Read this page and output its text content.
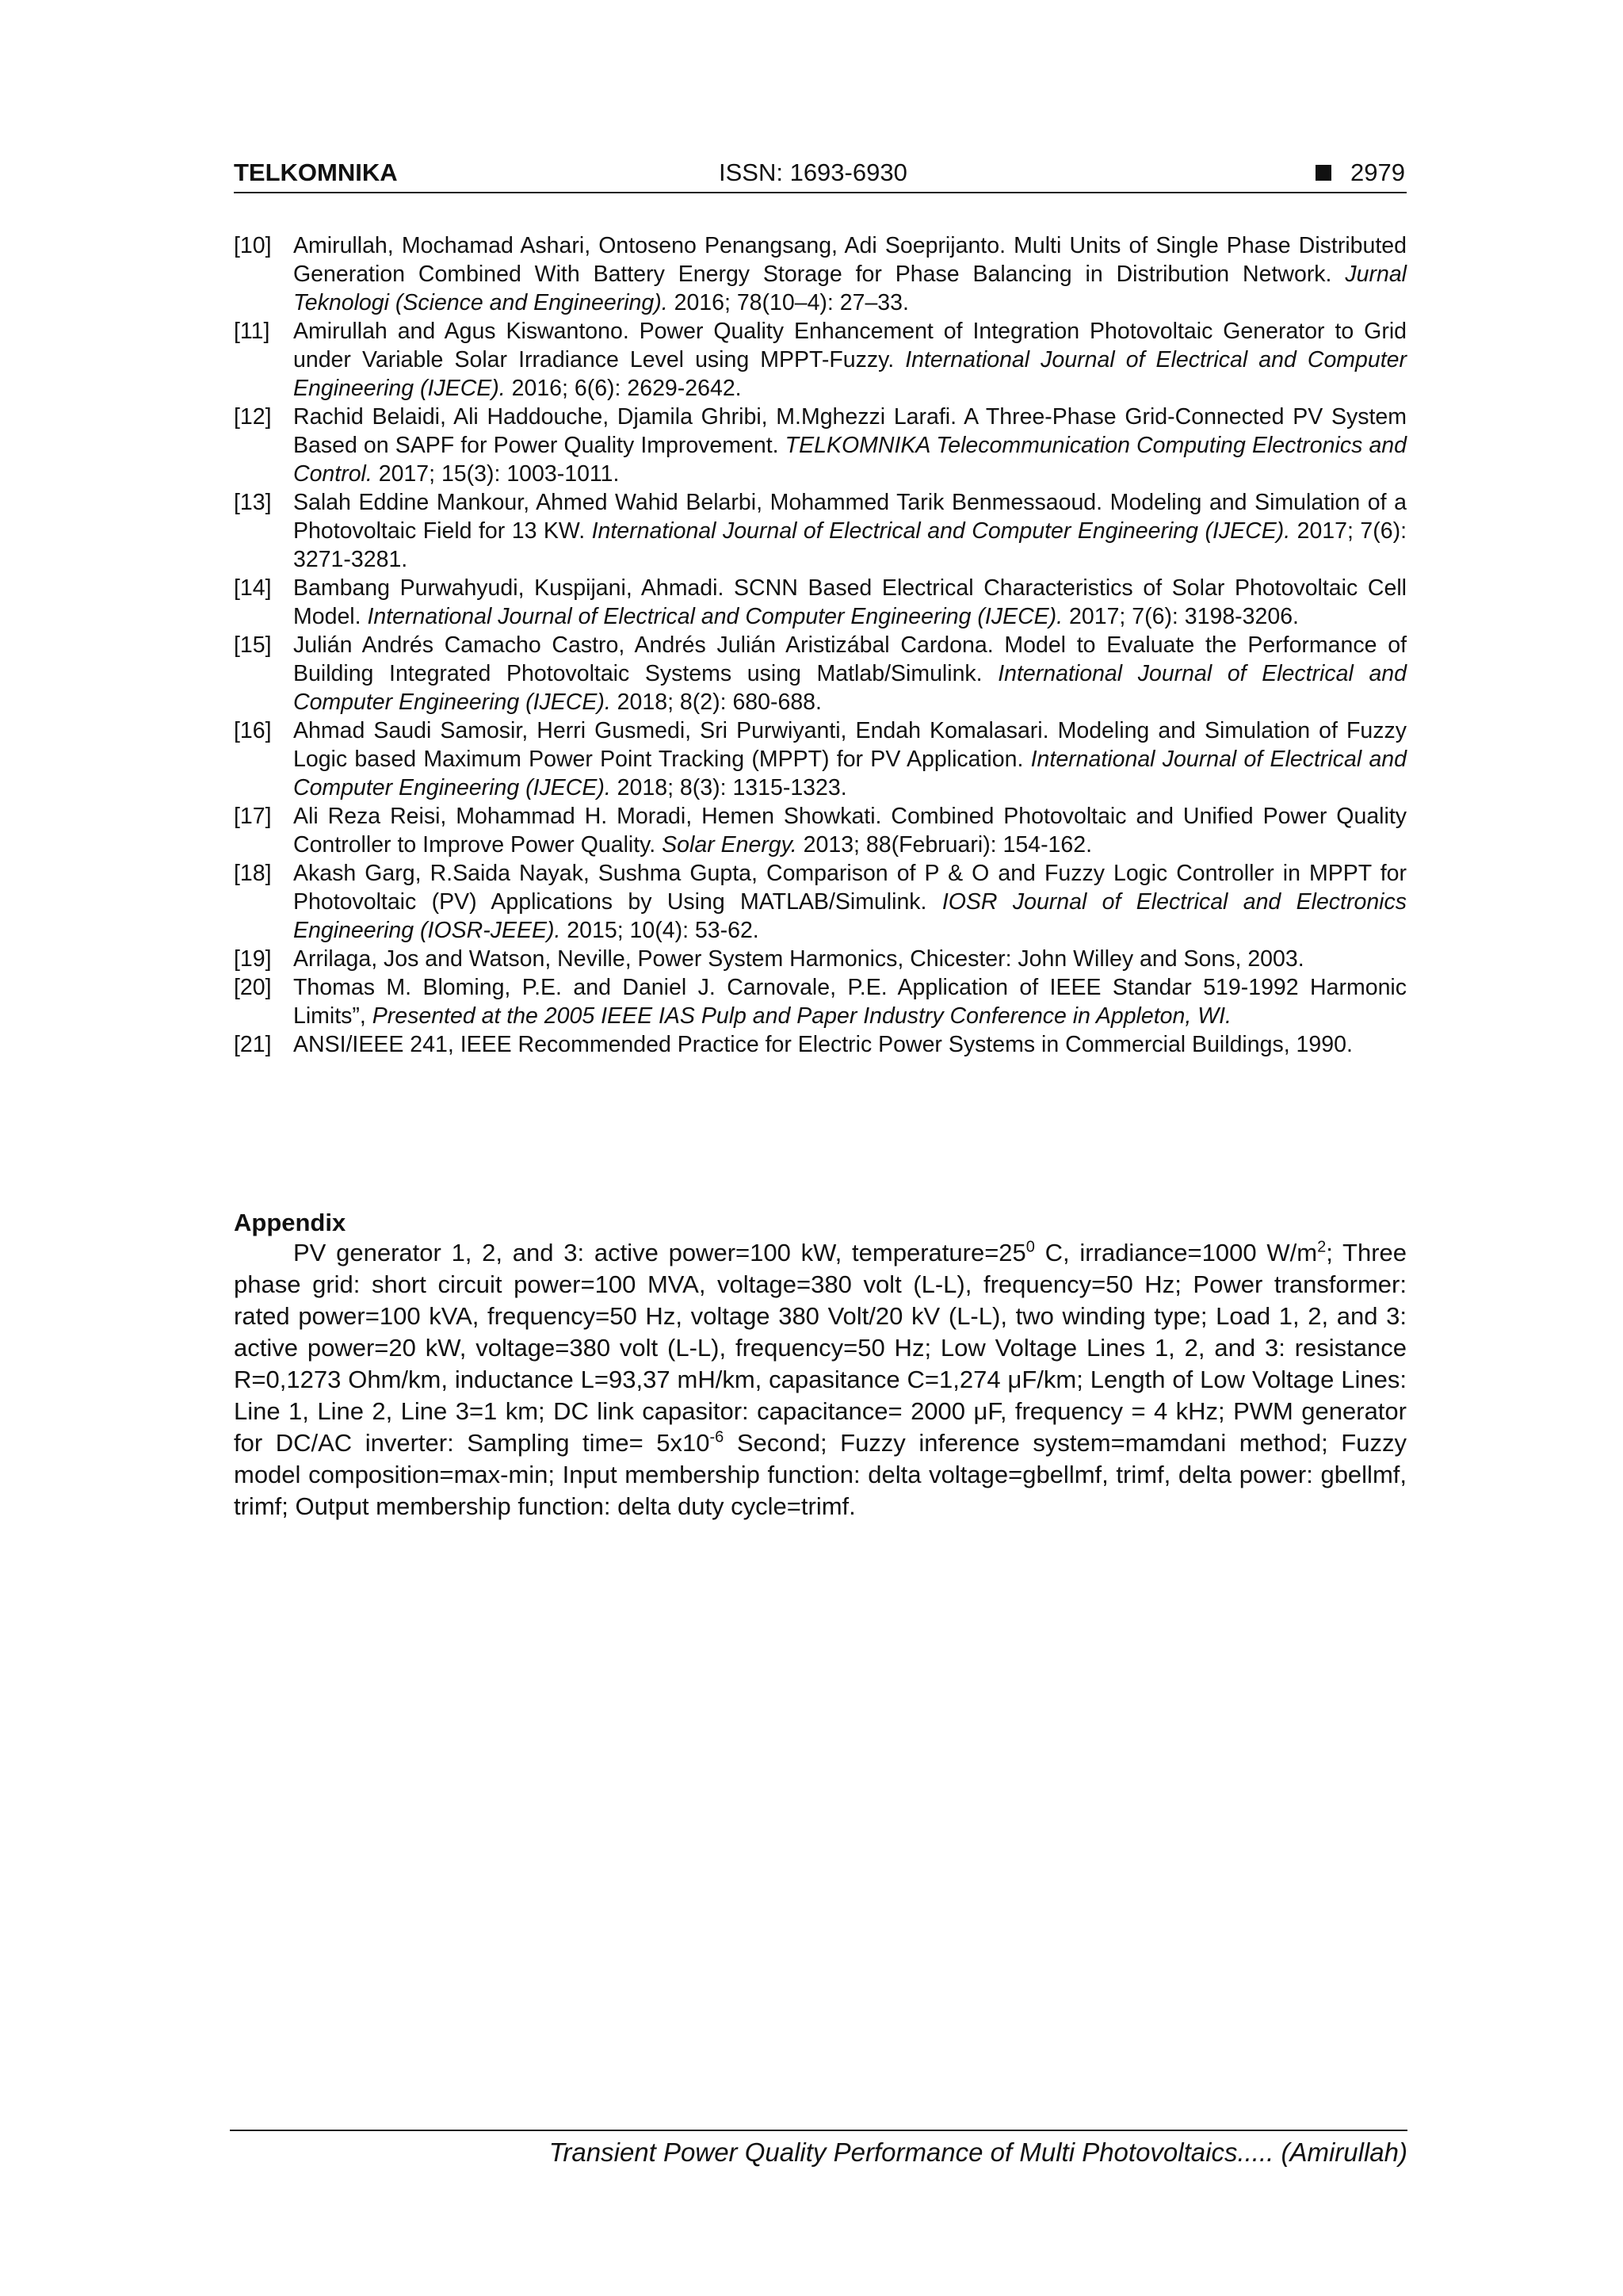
TELKOMNIKA	ISSN: 1693-6930	2979
[10] Amirullah, Mochamad Ashari, Ontoseno Penangsang, Adi Soeprijanto. Multi Units of Single Phase Distributed Generation Combined With Battery Energy Storage for Phase Balancing in Distribution Network. Jurnal Teknologi (Science and Engineering). 2016; 78(10–4): 27–33.
[11] Amirullah and Agus Kiswantono. Power Quality Enhancement of Integration Photovoltaic Generator to Grid under Variable Solar Irradiance Level using MPPT-Fuzzy. International Journal of Electrical and Computer Engineering (IJECE). 2016; 6(6): 2629-2642.
[12] Rachid Belaidi, Ali Haddouche, Djamila Ghribi, M.Mghezzi Larafi. A Three-Phase Grid-Connected PV System Based on SAPF for Power Quality Improvement. TELKOMNIKA Telecommunication Computing Electronics and Control. 2017; 15(3): 1003-1011.
[13] Salah Eddine Mankour, Ahmed Wahid Belarbi, Mohammed Tarik Benmessaoud. Modeling and Simulation of a Photovoltaic Field for 13 KW. International Journal of Electrical and Computer Engineering (IJECE). 2017; 7(6): 3271-3281.
[14] Bambang Purwahyudi, Kuspijani, Ahmadi. SCNN Based Electrical Characteristics of Solar Photovoltaic Cell Model. International Journal of Electrical and Computer Engineering (IJECE). 2017; 7(6): 3198-3206.
[15] Julián Andrés Camacho Castro, Andrés Julián Aristizábal Cardona. Model to Evaluate the Performance of Building Integrated Photovoltaic Systems using Matlab/Simulink. International Journal of Electrical and Computer Engineering (IJECE). 2018; 8(2): 680-688.
[16] Ahmad Saudi Samosir, Herri Gusmedi, Sri Purwiyanti, Endah Komalasari. Modeling and Simulation of Fuzzy Logic based Maximum Power Point Tracking (MPPT) for PV Application. International Journal of Electrical and Computer Engineering (IJECE). 2018; 8(3): 1315-1323.
[17] Ali Reza Reisi, Mohammad H. Moradi, Hemen Showkati. Combined Photovoltaic and Unified Power Quality Controller to Improve Power Quality. Solar Energy. 2013; 88(Februari): 154-162.
[18] Akash Garg, R.Saida Nayak, Sushma Gupta, Comparison of P & O and Fuzzy Logic Controller in MPPT for Photovoltaic (PV) Applications by Using MATLAB/Simulink. IOSR Journal of Electrical and Electronics Engineering (IOSR-JEEE). 2015; 10(4): 53-62.
[19] Arrilaga, Jos and Watson, Neville, Power System Harmonics, Chicester: John Willey and Sons, 2003.
[20] Thomas M. Bloming, P.E. and Daniel J. Carnovale, P.E. Application of IEEE Standar 519-1992 Harmonic Limits”, Presented at the 2005 IEEE IAS Pulp and Paper Industry Conference in Appleton, WI.
[21] ANSI/IEEE 241, IEEE Recommended Practice for Electric Power Systems in Commercial Buildings, 1990.
Appendix

PV generator 1, 2, and 3: active power=100 kW, $temperature=25^0$ C, irradiance=1000 $W/m^2$; Three phase grid: short circuit power=100 MVA, voltage=380 volt (L-L), frequency=50 Hz; Power transformer: rated power=100 kVA, frequency=50 Hz, voltage 380 Volt/20 kV (L-L), two winding type; Load 1, 2, and 3: active power=20 kW, voltage=380 volt (L-L), frequency=50 Hz; Low Voltage Lines 1, 2, and 3: resistance R=0,1273 Ohm/km, inductance L=93,37 mH/km, capasitance C=1,274 μF/km; Length of Low Voltage Lines: Line 1, Line 2, Line 3=1 km; DC link capasitor: capacitance= 2000 μF, frequency = 4 kHz; PWM generator for DC/AC inverter: Sampling time= $5x10^{-6}$ Second; Fuzzy inference system=mamdani method; Fuzzy model composition=max-min; Input membership function: delta voltage=gbellmf, trimf, delta power: gbellmf, trimf; Output membership function: delta duty cycle=trimf.

Transient Power Quality Performance of Multi Photovoltaics..... (Amirullah)
